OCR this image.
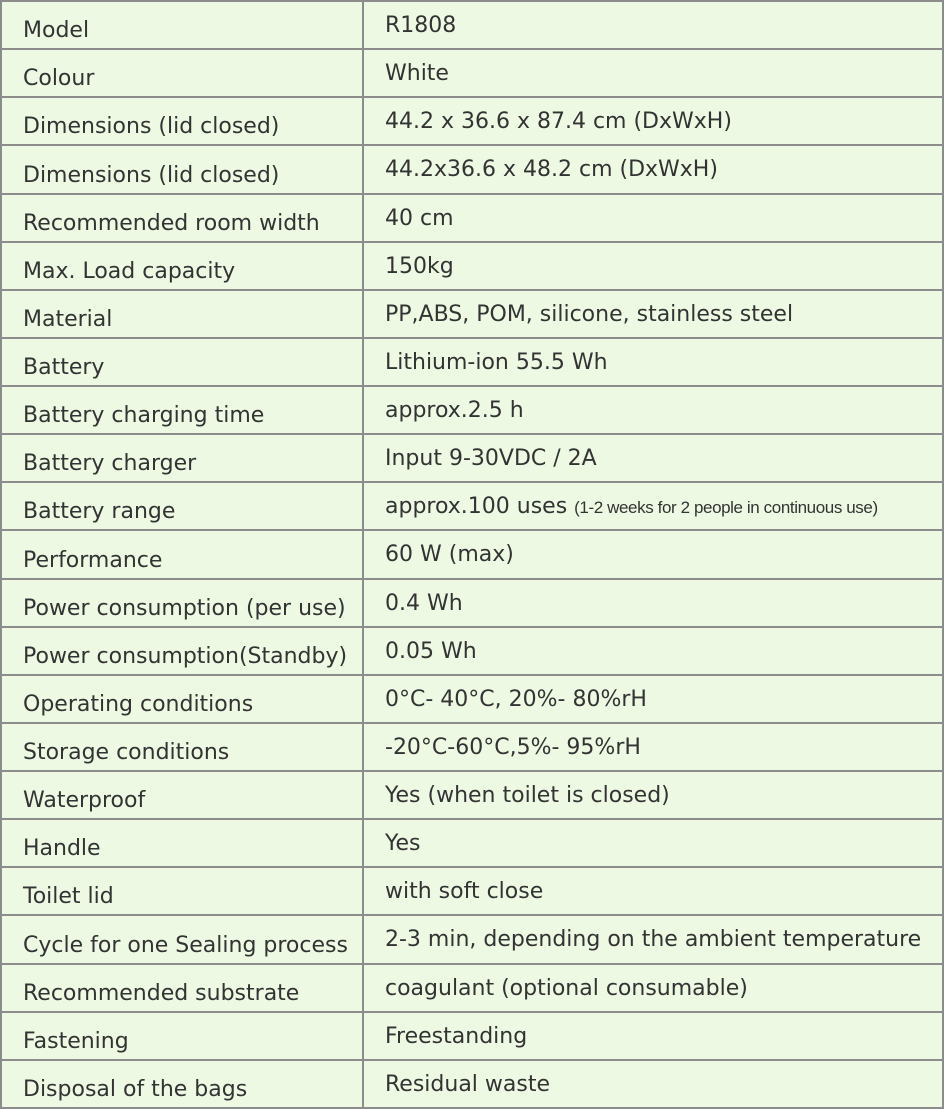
Model	R1808
Colour	White
Dimensions (lid closed)	44.2 x 36.6 x 87.4 cm (DxWxH)
Dimensions (lid closed)	44.2x36.6 x 48.2 cm (DxWxH)
Recommended room width	40 cm
Max. Load capacity	150kg
Material	PP,ABS, POM, silicone, stainless steel
Battery	Lithium-ion 55.5 Wh
Battery charging time	approx.2.5 h
Battery charger	Input 9-30VDC / 2A
Battery range	approx.100 uses (1-2 weeks for 2 people in continuous use)
Performance	60 W (max)
Power consumption (per use)	0.4 Wh
Power consumption(Standby)	0.05 Wh
Operating conditions	0°C- 40°C, 20%- 80%rH
Storage conditions	-20°C-60°C,5%- 95%rH
Waterproof	Yes (when toilet is closed)
Handle	Yes
Toilet lid	with soft close
Cycle for one Sealing process	2-3 min, depending on the ambient temperature
Recommended substrate	coagulant (optional consumable)
Fastening	Freestanding
Disposal of the bags	Residual waste
